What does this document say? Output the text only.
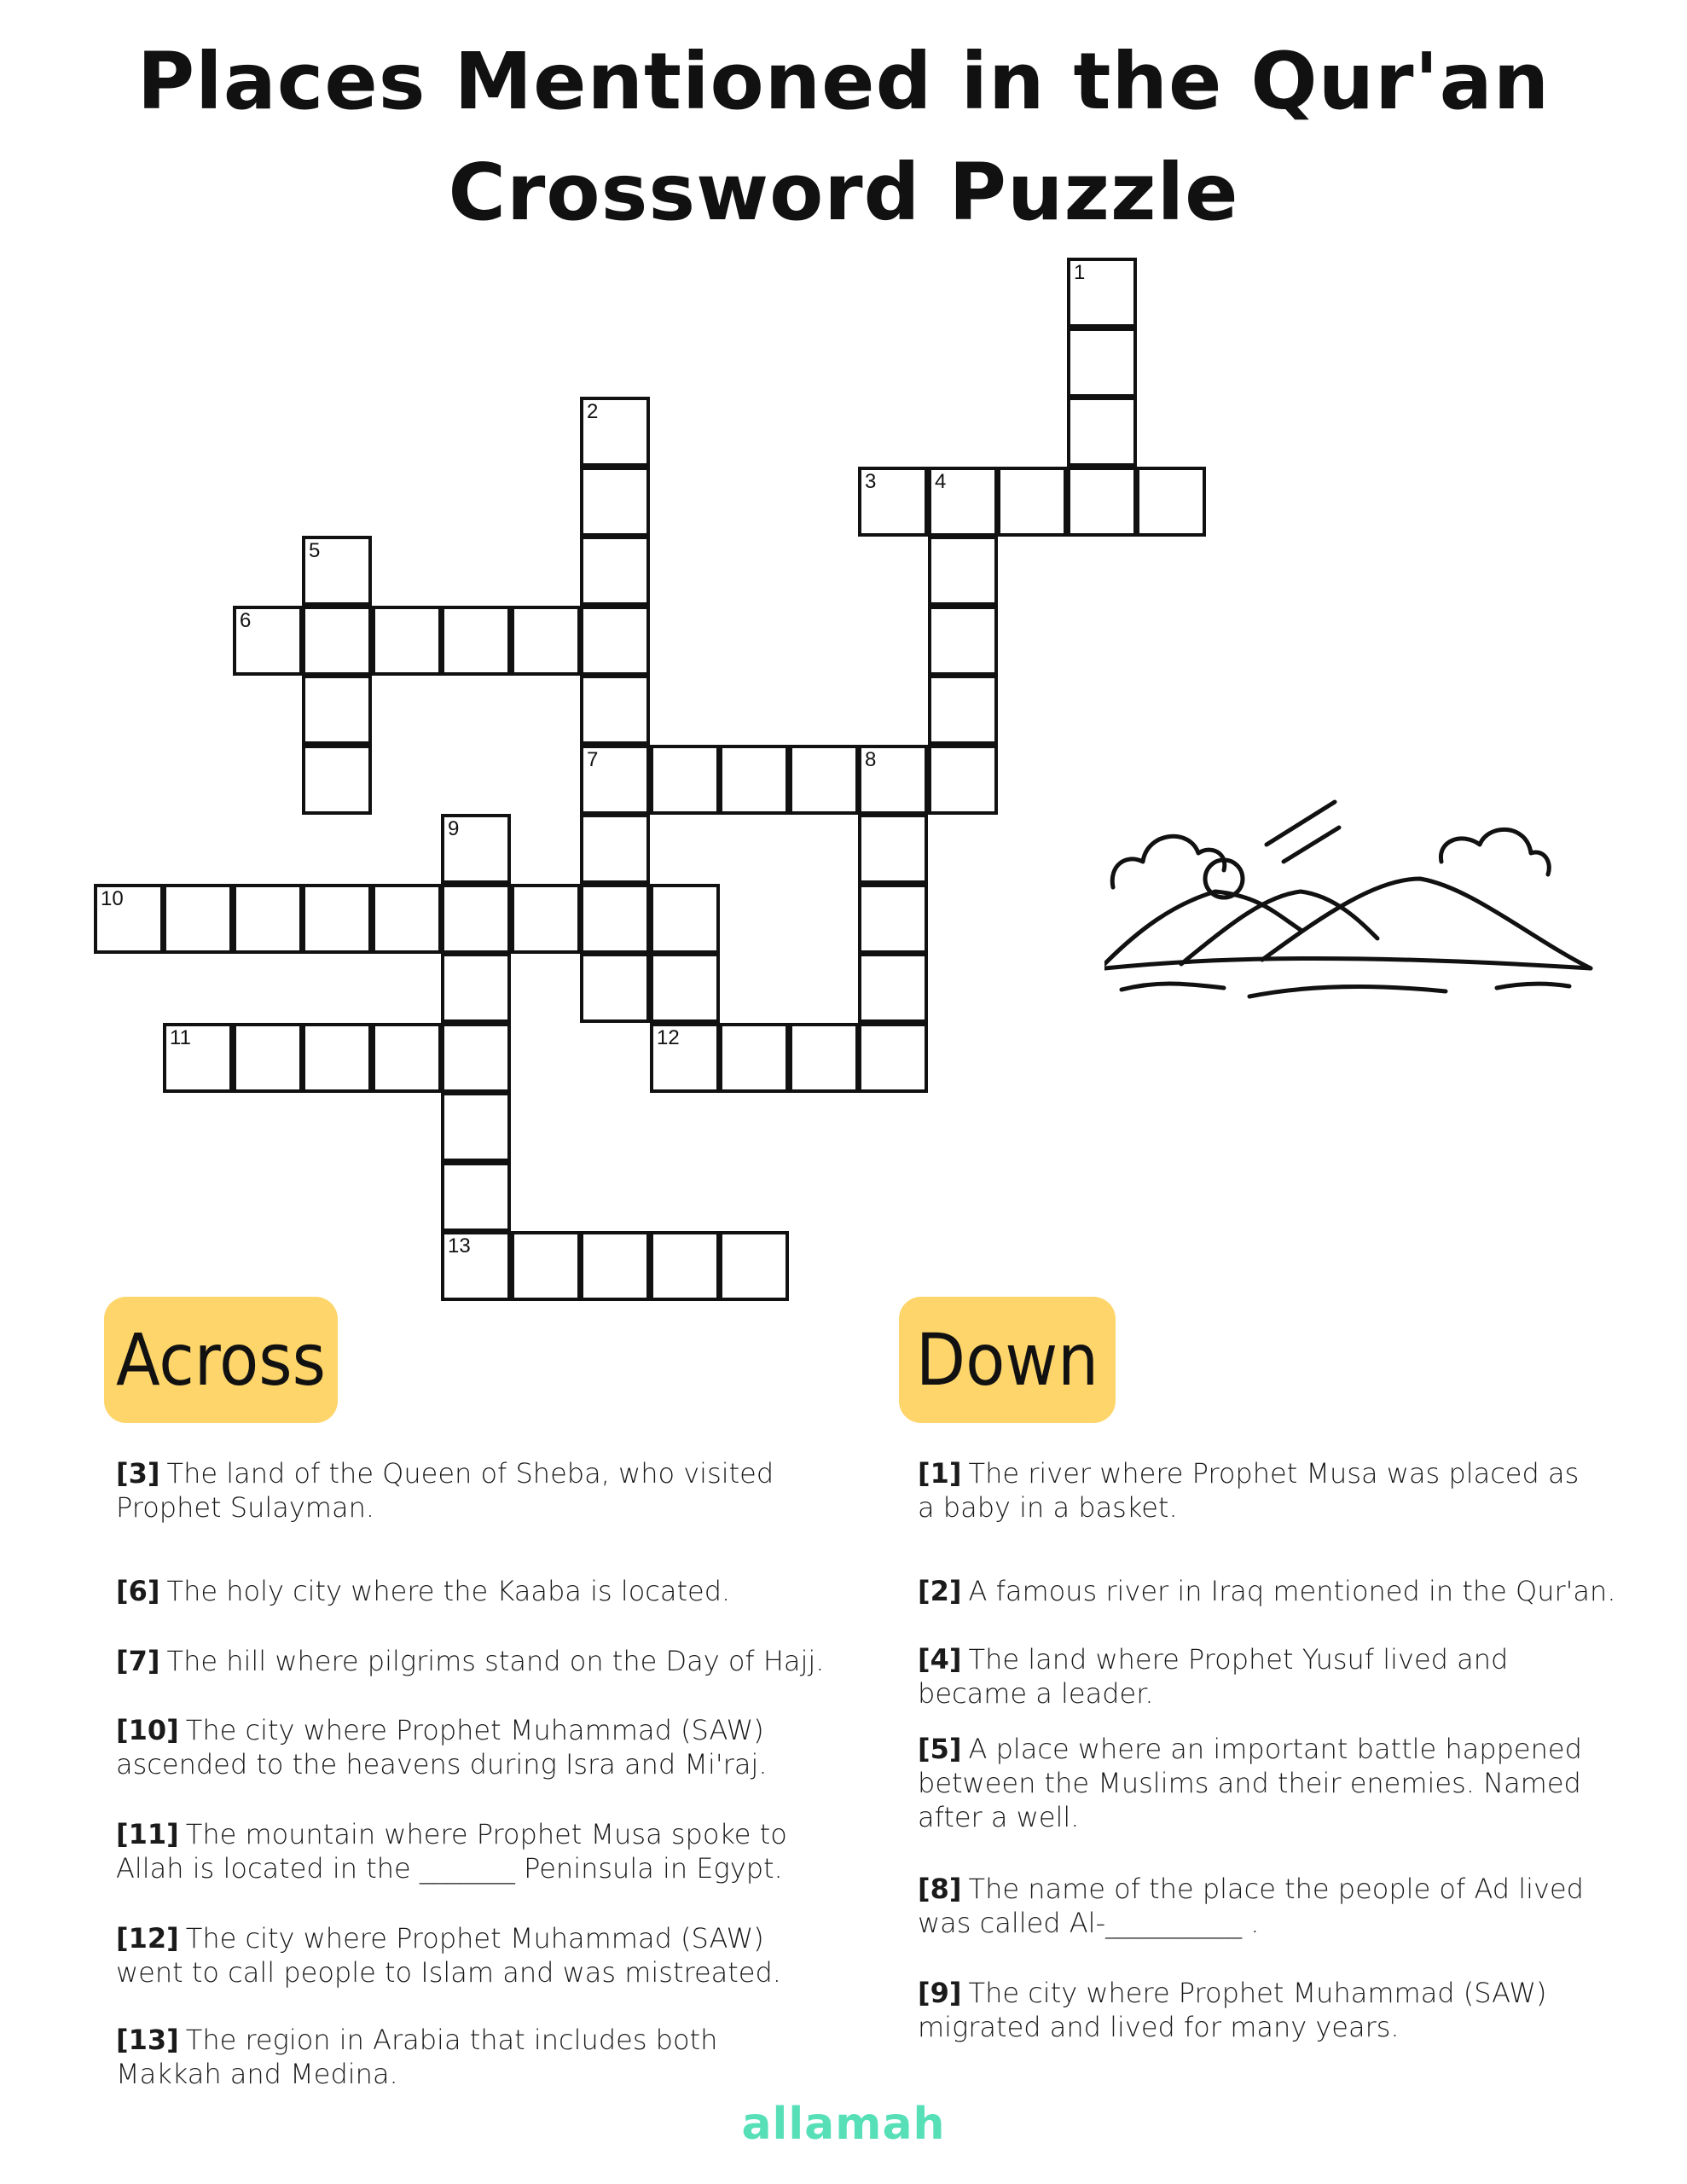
Places Mentioned in the Qur'an
Crossword Puzzle
1
2
3	4
5
6
7	8
9
10
11	12
13
Across	Down
[3] The land of the Queen of Sheba, who visited
Prophet Sulayman.
[6] The holy city where the Kaaba is located.
[7] The hill where pilgrims stand on the Day of Hajj.
[10] The city where Prophet Muhammad (SAW)
ascended to the heavens during Isra and Mi'raj.
[11] The mountain where Prophet Musa spoke to
Allah is located in the _______ Peninsula in Egypt.
[12] The city where Prophet Muhammad (SAW)
went to call people to Islam and was mistreated.
[13] The region in Arabia that includes both
Makkah and Medina.
[1] The river where Prophet Musa was placed as
a baby in a basket.
[2] A famous river in Iraq mentioned in the Qur'an.
[4] The land where Prophet Yusuf lived and
became a leader.
[5] A place where an important battle happened
between the Muslims and their enemies. Named
after a well.
[8] The name of the place the people of Ad lived
was called Al-__________ .
[9] The city where Prophet Muhammad (SAW)
migrated and lived for many years.
allamah
